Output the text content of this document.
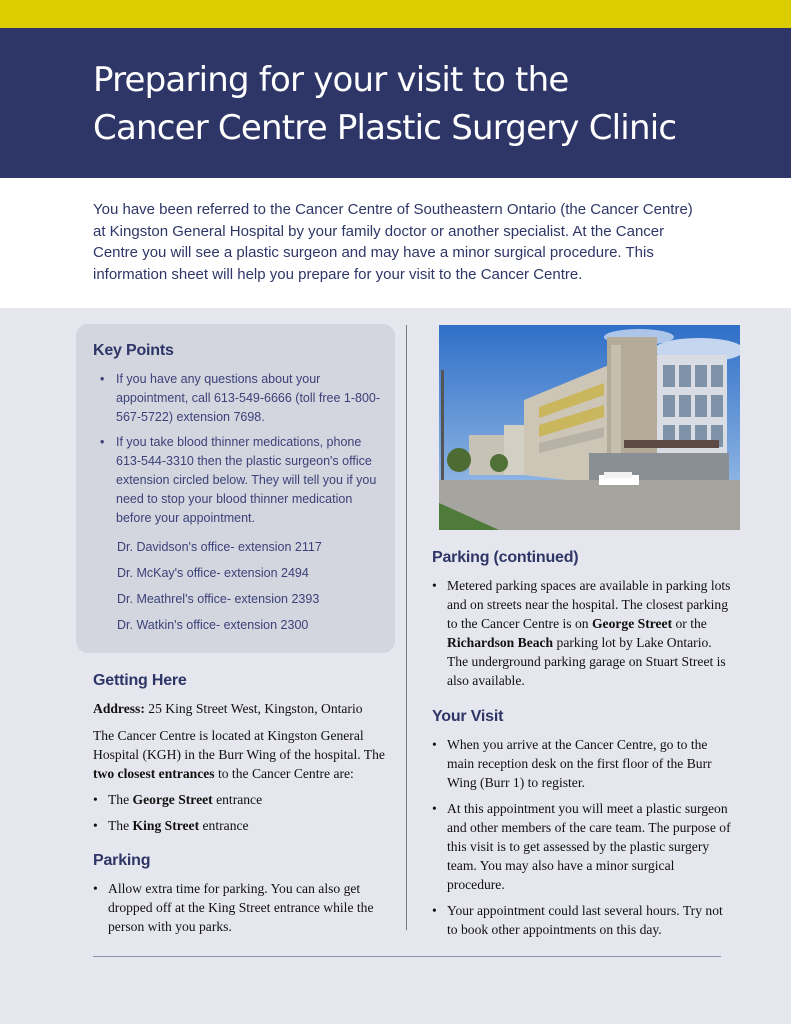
Preparing for your visit to the
Cancer Centre Plastic Surgery Clinic

You have been referred to the Cancer Centre of Southeastern Ontario (the Cancer Centre) at Kingston General Hospital by your family doctor or another specialist. At the Cancer Centre you will see a plastic surgeon and may have a minor surgical procedure. This information sheet will help you prepare for your visit to the Cancer Centre.

Key Points
• If you have any questions about your appointment, call 613-549-6666 (toll free 1-800-567-5722) extension 7698.
• If you take blood thinner medications, phone 613-544-3310 then the plastic surgeon's office extension circled below. They will tell you if you need to stop your blood thinner medication before your appointment.
Dr. Davidson's office- extension 2117
Dr. McKay's office- extension 2494
Dr. Meathrel's office- extension 2393
Dr. Watkin's office- extension 2300
Getting Here

Address: 25 King Street West, Kingston, Ontario

The Cancer Centre is located at Kingston General Hospital (KGH) in the Burr Wing of the hospital. The two closest entrances to the Cancer Centre are:

• The George Street entrance
• The King Street entrance
Parking
• Allow extra time for parking. You can also get dropped off at the King Street entrance while the person with you parks.
Parking (continued)
• Metered parking spaces are available in parking lots and on streets near the hospital. The closest parking to the Cancer Centre is on George Street or the Richardson Beach parking lot by Lake Ontario. The underground parking garage on Stuart Street is also available.
Your Visit
• When you arrive at the Cancer Centre, go to the main reception desk on the first floor of the Burr Wing (Burr 1) to register.
• At this appointment you will meet a plastic surgeon and other members of the care team. The purpose of this visit is to get assessed by the plastic surgery team. You may also have a minor surgical procedure.
• Your appointment could last several hours. Try not to book other appointments on this day.
